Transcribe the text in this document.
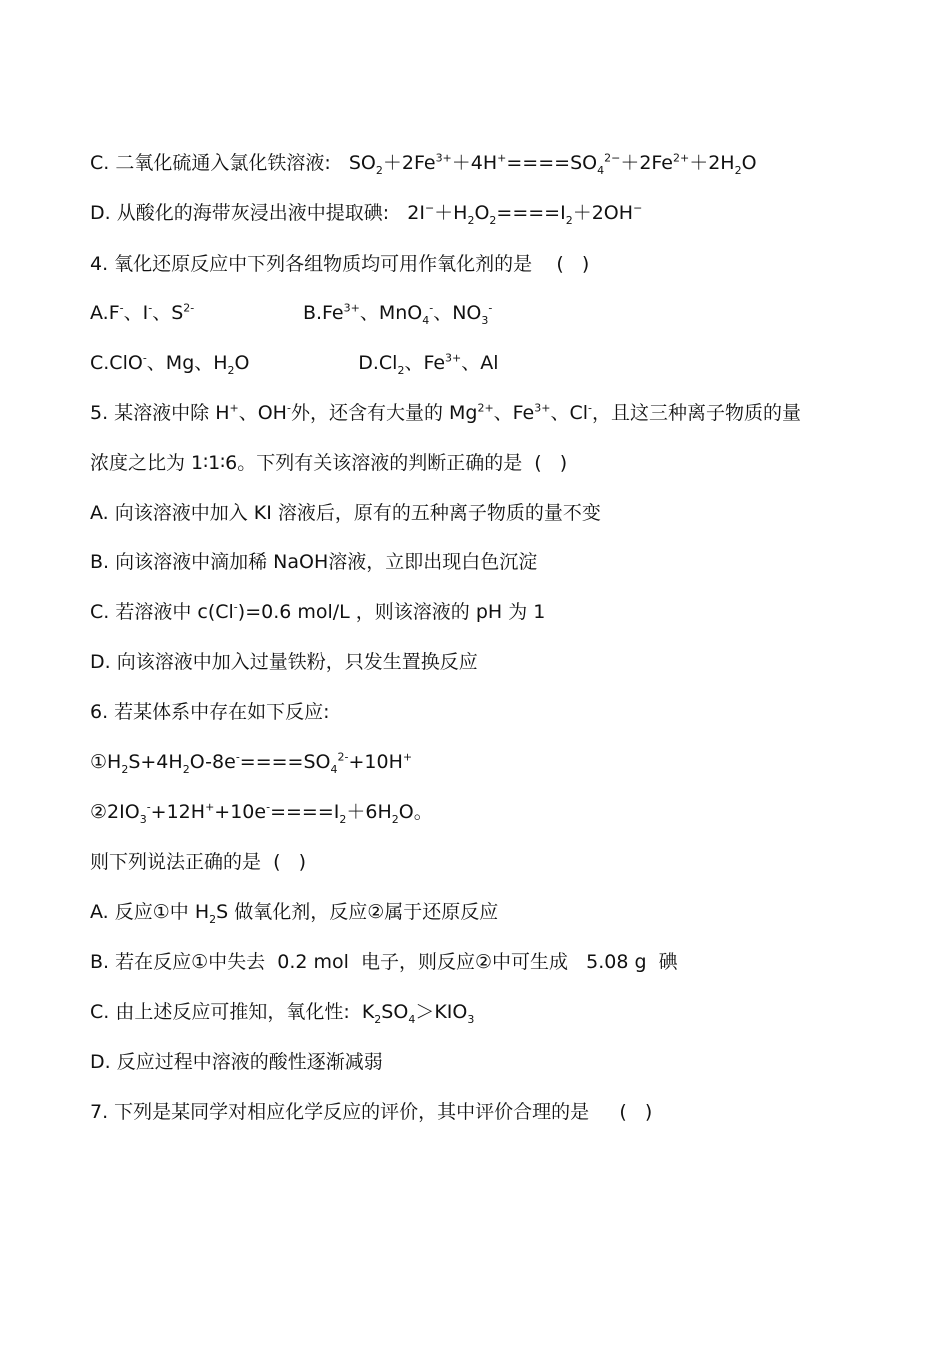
C. 二氧化硫通入氯化铁溶液:   $SO_2+2Fe^{3+}+4H^+====SO_4^{2-}+2Fe^{2+}+2H_2O$
D. 从酸化的海带灰浸出液中提取碘:   $2I^-+H_2O_2====I_2+2OH^-$
4. 氧化还原反应中下列各组物质均可用作氧化剂的是    (   )
A.F-、I-、$S^{2-}$                  $B.Fe^{3+}$、MnO$_4$-、$NO_3^-$
C.ClO-、Mg、$H_2O$                  $D.Cl_2$、$Fe^{3+}$、Al
5. 某溶液中除 H+、OH-外，还含有大量的 $Mg^{2+}$、$Fe^{3+}$、Cl-，且这三种离子物质的量
浓度之比为 1∶1∶6。下列有关该溶液的判断正确的是  (   )
A. 向该溶液中加入 KI 溶液后，原有的五种离子物质的量不变
B. 向该溶液中滴加稀 NaOH溶液，立即出现白色沉淀
C. 若溶液中 c(Cl-)=0.6 mol/L ，则该溶液的 pH 为 1
D. 向该溶液中加入过量铁粉，只发生置换反应
6. 若某体系中存在如下反应:
$①H_2S+4H_2O-8e^-====SO_4^{2-}+10H^+$
$②2IO_3^-+12H^++10e^-====I_2+6H_2O$。
则下列说法正确的是  (   )
A. 反应①中 $H_2S$ 做氧化剂，反应②属于还原反应
B. 若在反应①中失去  0.2 mol  电子，则反应②中可生成   5.08 g  碘
C. 由上述反应可推知，氧化性:  $K_2SO_4>KIO_3$
D. 反应过程中溶液的酸性逐渐减弱
7. 下列是某同学对相应化学反应的评价，其中评价合理的是     (   )
